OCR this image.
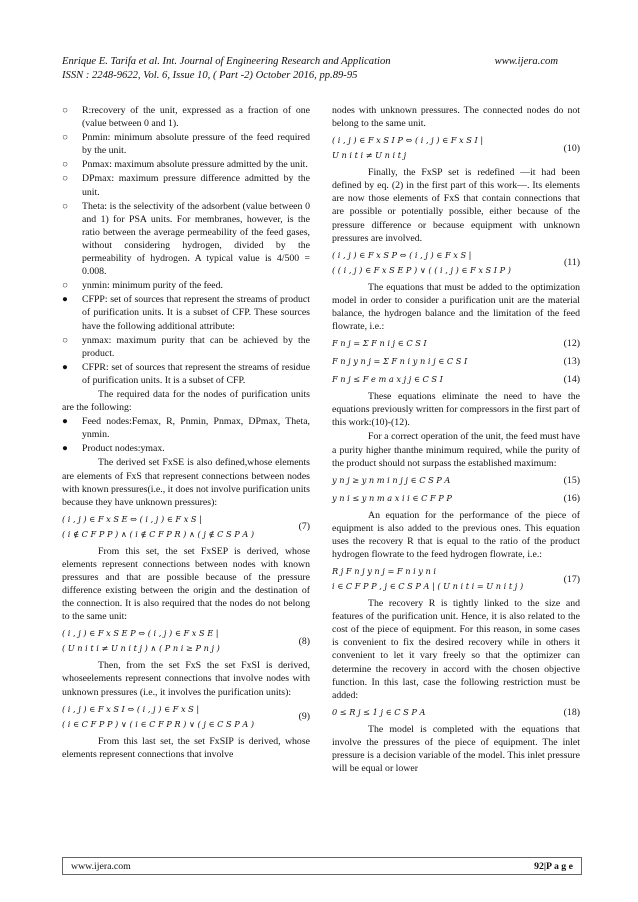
Enrique E. Tarifa et al. Int. Journal of Engineering Research and Application	www.ijera.com
ISSN : 2248-9622, Vol. 6, Issue 10, ( Part -2) October 2016, pp.89-95
○	R:recovery of the unit, expressed as a fraction of one (value between 0 and 1).
○	Pnmin: minimum absolute pressure of the feed required by the unit.
○	Pnmax: maximum absolute pressure admitted by the unit.
○	DPmax: maximum pressure difference admitted by the unit.
○	Theta: is the selectivity of the adsorbent (value between 0 and 1) for PSA units. For membranes, however, is the ratio between the average permeability of the feed gases, without considering hydrogen, divided by the permeability of hydrogen. A typical value is 4/500 = 0.008.
○	ynmin: minimum purity of the feed.
●	CFPP: set of sources that represent the streams of product of purification units. It is a subset of CFP. These sources have the following additional attribute:
○	ynmax: maximum purity that can be achieved by the product.
●	CFPR: set of sources that represent the streams of residue of purification units. It is a subset of CFP.

The required data for the nodes of purification units are the following:

●	Feed nodes:Femax, R, Pnmin, Pnmax, DPmax, Theta, ynmin.
●	Product nodes:ymax.

The derived set FxSE is also defined,whose elements are elements of FxS that represent connections between nodes with known pressures(i.e., it does not involve purification units because they have unknown pressures):

( i , j ) ∈ F x S E ⇔ ( i , j ) ∈ F x S |
( i ∉ C F P P ) ∧ ( i ∉ C F P R ) ∧ ( j ∉ C S P A )
(7)

From this set, the set FxSEP is derived, whose elements represent connections between nodes with known pressures and that are possible because of the pressure difference existing between the origin and the destination of the connection. It is also required that the nodes do not belong to the same unit:

( i , j ) ∈ F x S E P ⇔ ( i , j ) ∈ F x S E |
( U n i t i ≠ U n i t j ) ∧ ( P n i ≥ P n j )
(8)

Then, from the set FxS the set FxSI is derived, whoseelements represent connections that involve nodes with unknown pressures (i.e., it involves the purification units):

( i , j ) ∈ F x S I ⇔ ( i , j ) ∈ F x S |
( i ∈ C F P P ) ∨ ( i ∈ C F P R ) ∨ ( j ∈ C S P A )
(9)

From this last set, the set FxSIP is derived, whose elements represent connections that involve

nodes with unknown pressures. The connected nodes do not belong to the same unit.

( i , j ) ∈ F x S I P ⇔ ( i , j ) ∈ F x S I |
U n i t i ≠ U n i t j
(10)

Finally, the FxSP set is redefined ―it had been defined by eq. (2) in the first part of this work―. Its elements are now those elements of FxS that contain connections that are possible or potentially possible, either because of the pressure difference or because equipment with unknown pressures are involved.

( i , j ) ∈ F x S P ⇔ ( i , j ) ∈ F x S |
( ( i , j ) ∈ F x S E P ) ∨ ( ( i , j ) ∈ F x S I P )
(11)

The equations that must be added to the optimization model in order to consider a purification unit are the material balance, the hydrogen balance and the limitation of the feed flowrate, i.e.:

F n j = Σ F n i j ∈ C S I	(12)
F n j y n j = Σ F n i y n i j ∈ C S I	(13)
F n j ≤ F e m a x j j ∈ C S I	(14)

These equations eliminate the need to have the equations previously written for compressors in the first part of this work:(10)-(12).

For a correct operation of the unit, the feed must have a purity higher thanthe minimum required, while the purity of the product should not surpass the established maximum:

y n j ≥ y n m i n j j ∈ C S P A	(15)
y n i ≤ y n m a x i i ∈ C F P P	(16)

An equation for the performance of the piece of equipment is also added to the previous ones. This equation uses the recovery R that is equal to the ratio of the product hydrogen flowrate to the feed hydrogen flowrate, i.e.:

R j F n j y n j = F n i y n i
i ∈ C F P P , j ∈ C S P A | ( U n i t i = U n i t j )
(17)

The recovery R is tightly linked to the size and features of the purification unit. Hence, it is also related to the cost of the piece of equipment. For this reason, in some cases is convenient to fix the desired recovery while in others it convenient to let it vary freely so that the optimizer can determine the recovery in accord with the chosen objective function. In this last, case the following restriction must be added:

0 ≤ R j ≤ 1 j ∈ C S P A	(18)

The model is completed with the equations that involve the pressures of the piece of equipment. The inlet pressure is a decision variable of the model. This inlet pressure will be equal or lower

www.ijera.com	92|P a g e
